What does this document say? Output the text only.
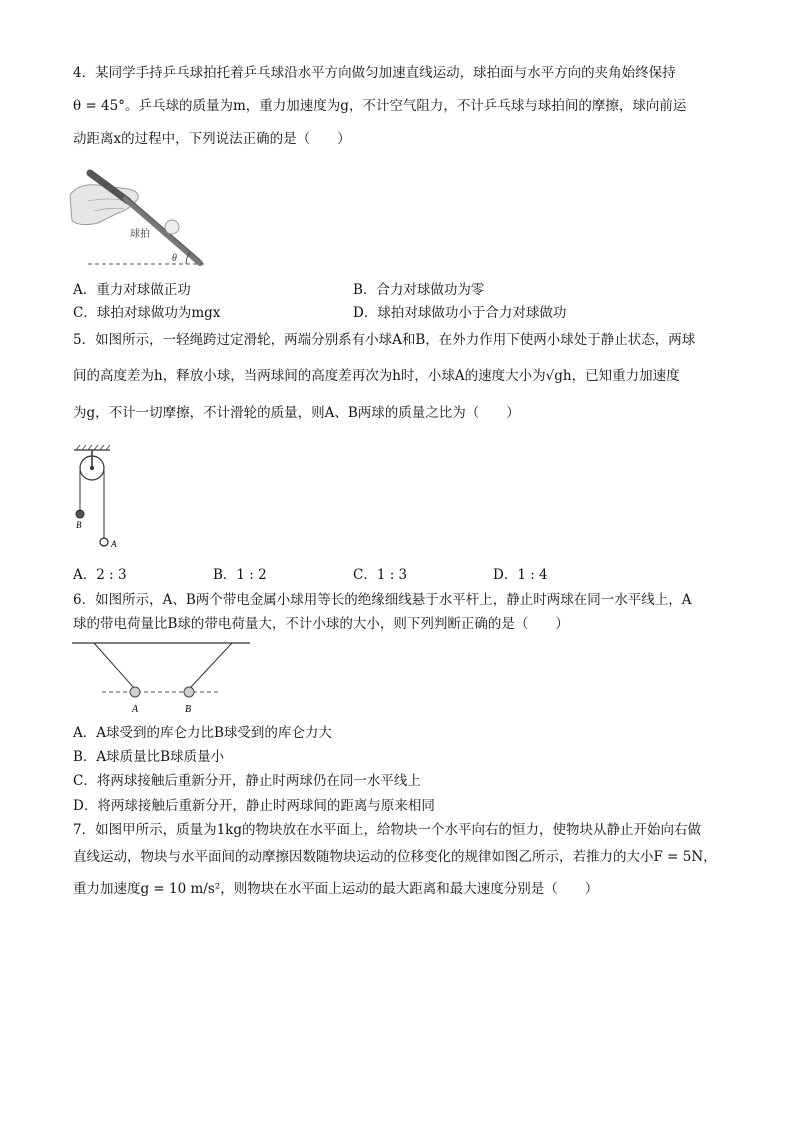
4．某同学手持乒乓球拍托着乒乓球沿水平方向做匀加速直线运动，球拍面与水平方向的夹角始终保持
θ = 45°。乒乓球的质量为m，重力加速度为g，不计空气阻力，不计乒乓球与球拍间的摩擦，球向前运
动距离x的过程中，下列说法正确的是（　　）
球拍
θ
A．重力对球做正功	B．合力对球做功为零
C．球拍对球做功为mgx	D．球拍对球做功小于合力对球做功
5．如图所示，一轻绳跨过定滑轮，两端分别系有小球A和B，在外力作用下使两小球处于静止状态，两球
间的高度差为h，释放小球，当两球间的高度差再次为h时，小球A的速度大小为√gh，已知重力加速度
为g，不计一切摩擦，不计滑轮的质量，则A、B两球的质量之比为（　　）
B
A
A．2 : 3	B．1 : 2	C．1 : 3	D．1 : 4
6．如图所示，A、B两个带电金属小球用等长的绝缘细线悬于水平杆上，静止时两球在同一水平线上，A
球的带电荷量比B球的带电荷量大，不计小球的大小，则下列判断正确的是（　　）
A	B
A．A球受到的库仑力比B球受到的库仑力大
B．A球质量比B球质量小
C．将两球接触后重新分开，静止时两球仍在同一水平线上
D．将两球接触后重新分开，静止时两球间的距离与原来相同
7．如图甲所示，质量为1kg的物块放在水平面上，给物块一个水平向右的恒力，使物块从静止开始向右做
直线运动，物块与水平面间的动摩擦因数随物块运动的位移变化的规律如图乙所示，若推力的大小F = 5N，
重力加速度g = 10 m/s²，则物块在水平面上运动的最大距离和最大速度分别是（　　）
